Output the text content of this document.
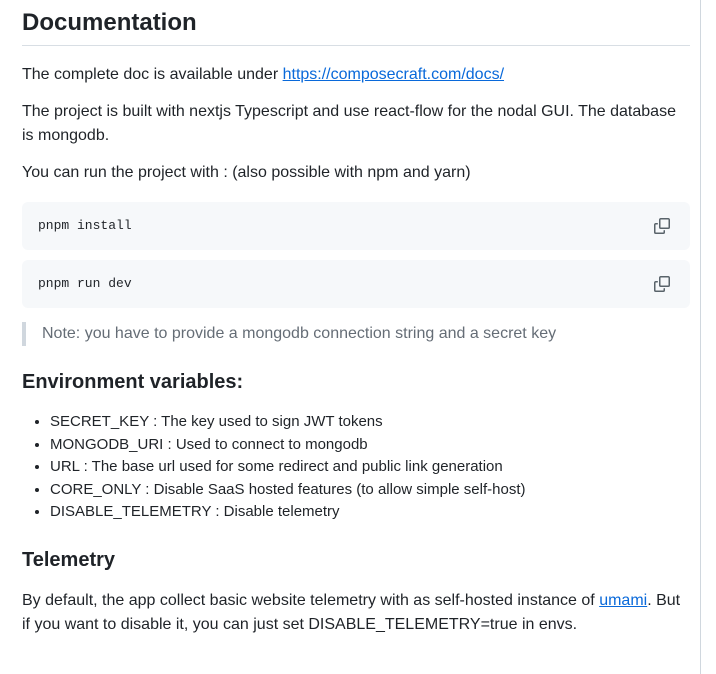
Documentation

The complete doc is available under https://composecraft.com/docs/

The project is built with nextjs Typescript and use react-flow for the nodal GUI. The database is mongodb.

You can run the project with : (also possible with npm and yarn)

pnpm install
pnpm run dev
Note: you have to provide a mongodb connection string and a secret key
Environment variables:
• SECRET_KEY : The key used to sign JWT tokens
• MONGODB_URI : Used to connect to mongodb
• URL : The base url used for some redirect and public link generation
• CORE_ONLY : Disable SaaS hosted features (to allow simple self-host)
• DISABLE_TELEMETRY : Disable telemetry
Telemetry

By default, the app collect basic website telemetry with as self-hosted instance of umami. But if you want to disable it, you can just set DISABLE_TELEMETRY=true in envs.
